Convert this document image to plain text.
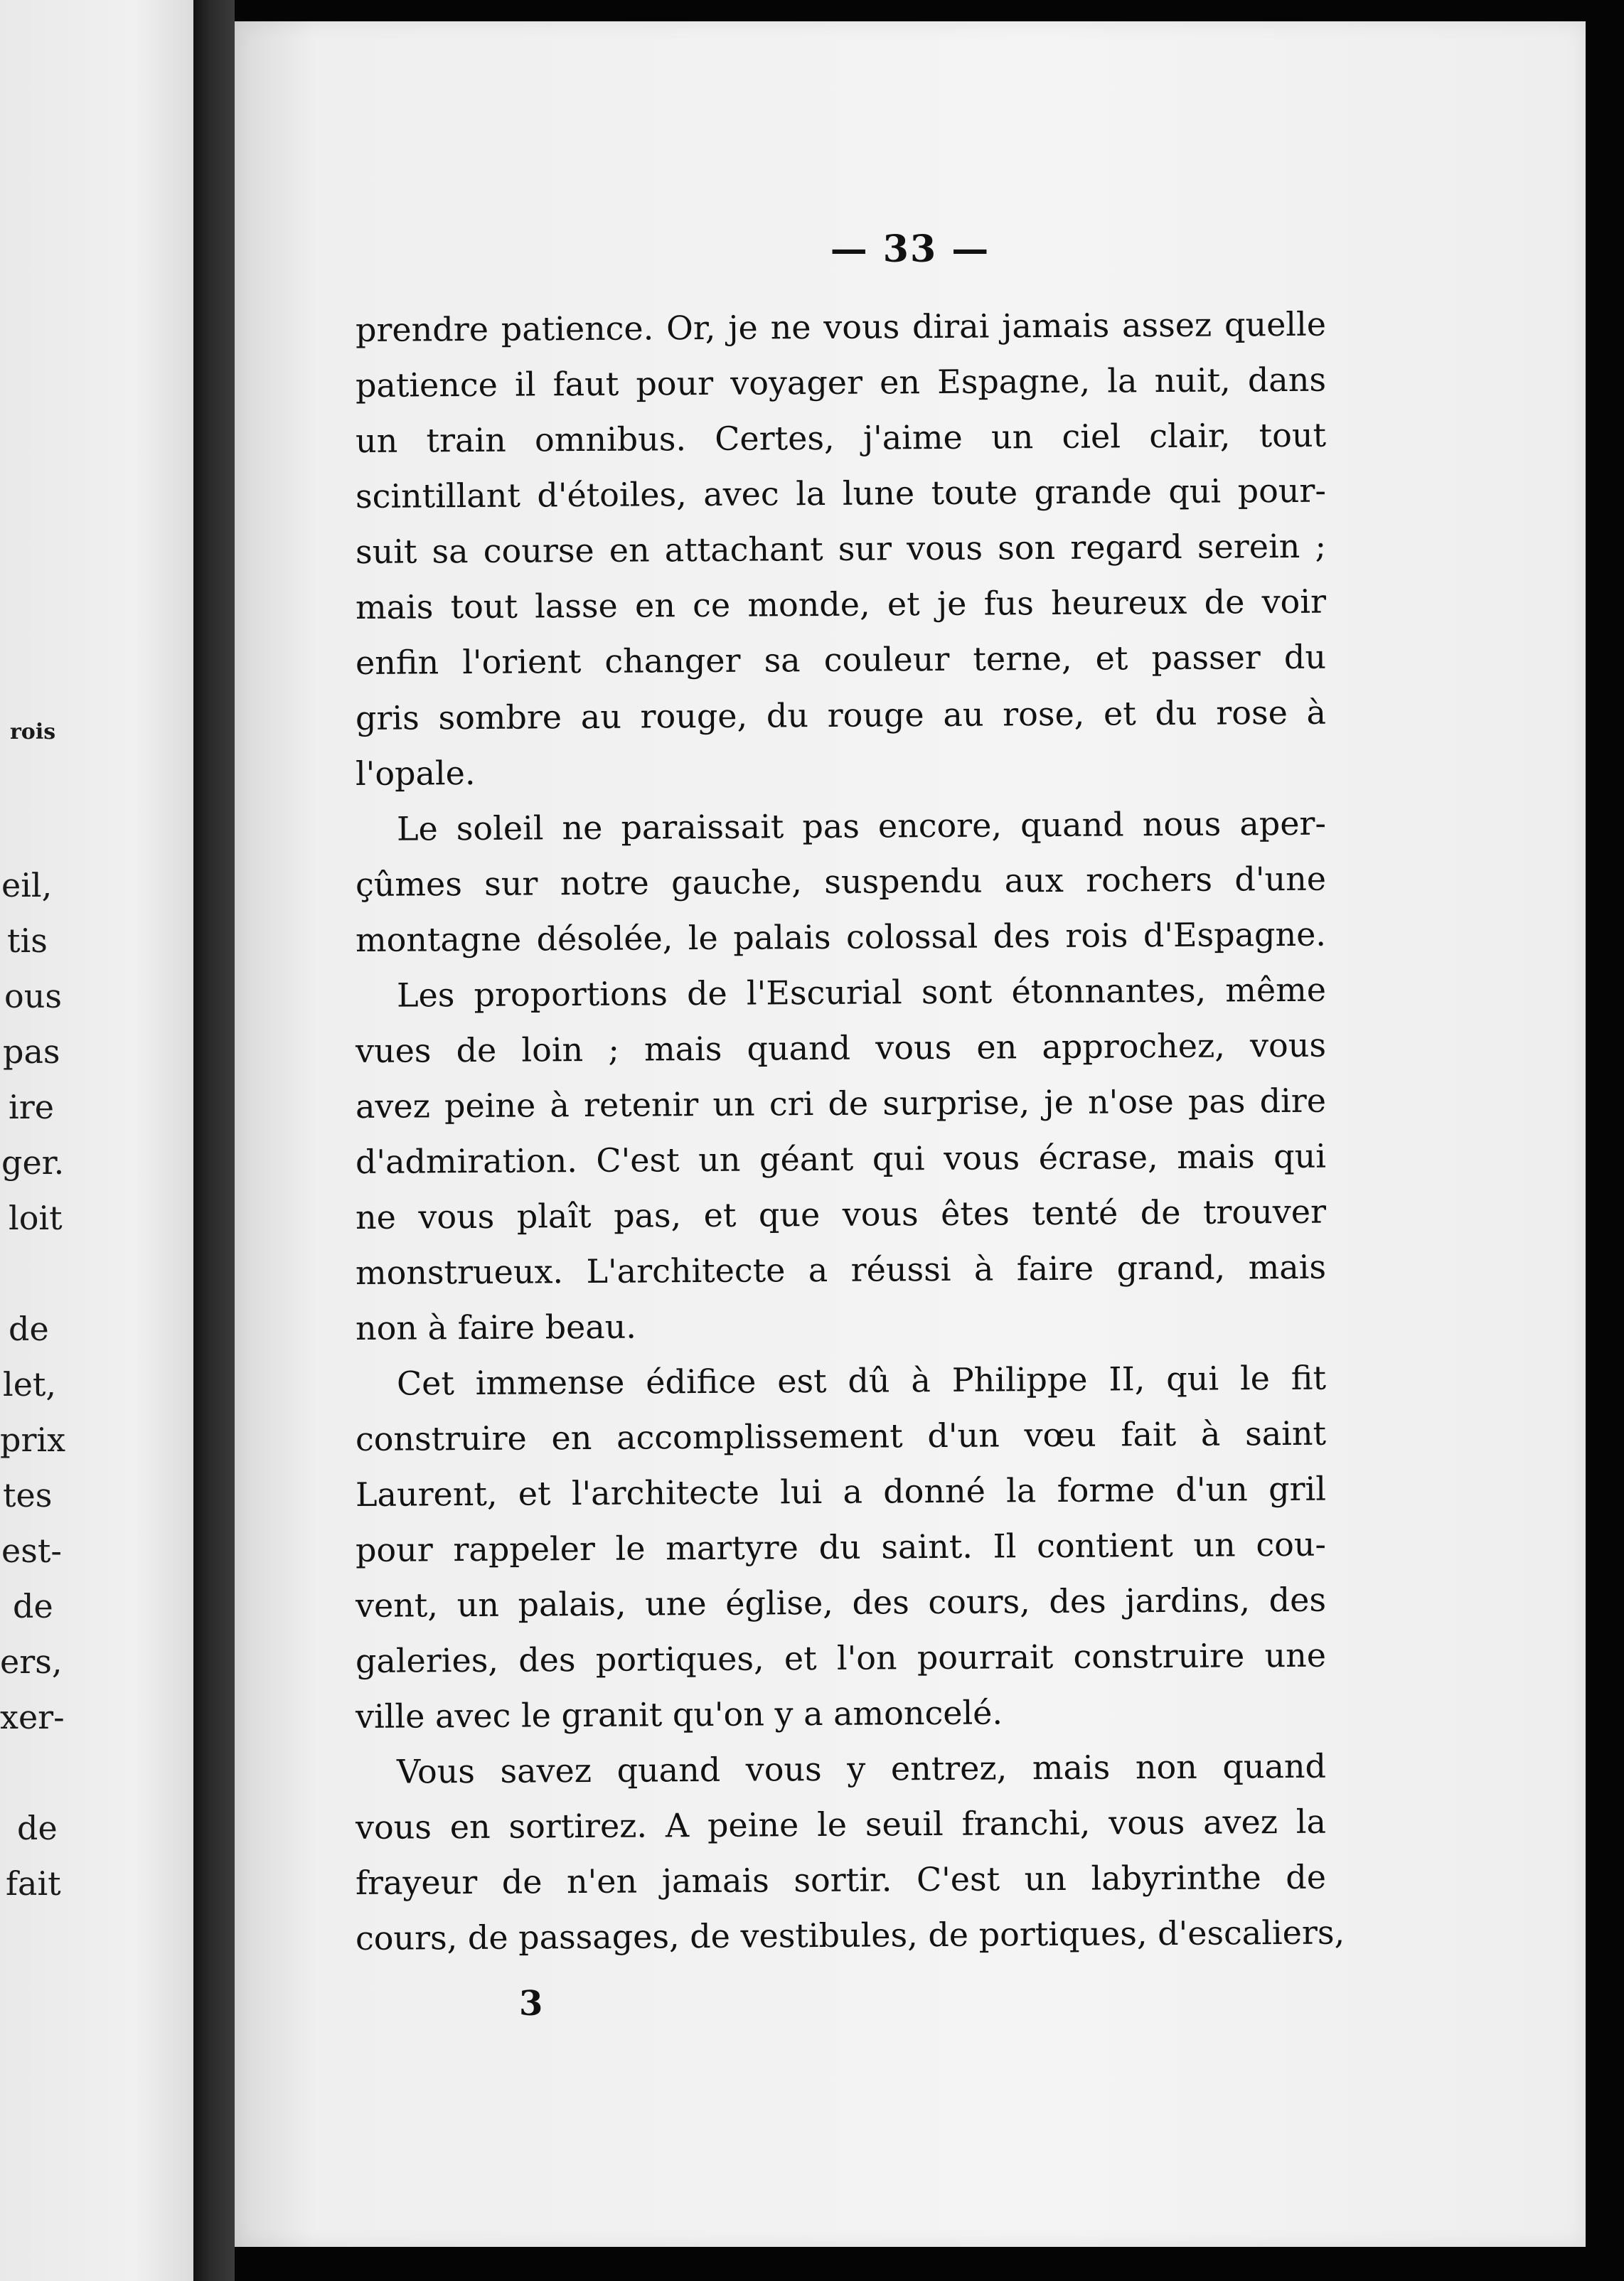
rois
eil,
tis
ous
pas
ire
ger.
loit
de
let,
prix
tes
est-
de
ers,
xer-
de
fait
— 33 —
prendre patience. Or, je ne vous dirai jamais assez quelle
patience il faut pour voyager en Espagne, la nuit, dans
un train omnibus. Certes, j'aime un ciel clair, tout
scintillant d'étoiles, avec la lune toute grande qui pour-
suit sa course en attachant sur vous son regard serein ;
mais tout lasse en ce monde, et je fus heureux de voir
enfin l'orient changer sa couleur terne, et passer du
gris sombre au rouge, du rouge au rose, et du rose à
l'opale.
Le soleil ne paraissait pas encore, quand nous aper-
çûmes sur notre gauche, suspendu aux rochers d'une
montagne désolée, le palais colossal des rois d'Espagne.
Les proportions de l'Escurial sont étonnantes, même
vues de loin ; mais quand vous en approchez, vous
avez peine à retenir un cri de surprise, je n'ose pas dire
d'admiration. C'est un géant qui vous écrase, mais qui
ne vous plaît pas, et que vous êtes tenté de trouver
monstrueux. L'architecte a réussi à faire grand, mais
non à faire beau.
Cet immense édifice est dû à Philippe II, qui le fit
construire en accomplissement d'un vœu fait à saint
Laurent, et l'architecte lui a donné la forme d'un gril
pour rappeler le martyre du saint. Il contient un cou-
vent, un palais, une église, des cours, des jardins, des
galeries, des portiques, et l'on pourrait construire une
ville avec le granit qu'on y a amoncelé.
Vous savez quand vous y entrez, mais non quand
vous en sortirez. A peine le seuil franchi, vous avez la
frayeur de n'en jamais sortir. C'est un labyrinthe de
cours, de passages, de vestibules, de portiques, d'escaliers,
3
